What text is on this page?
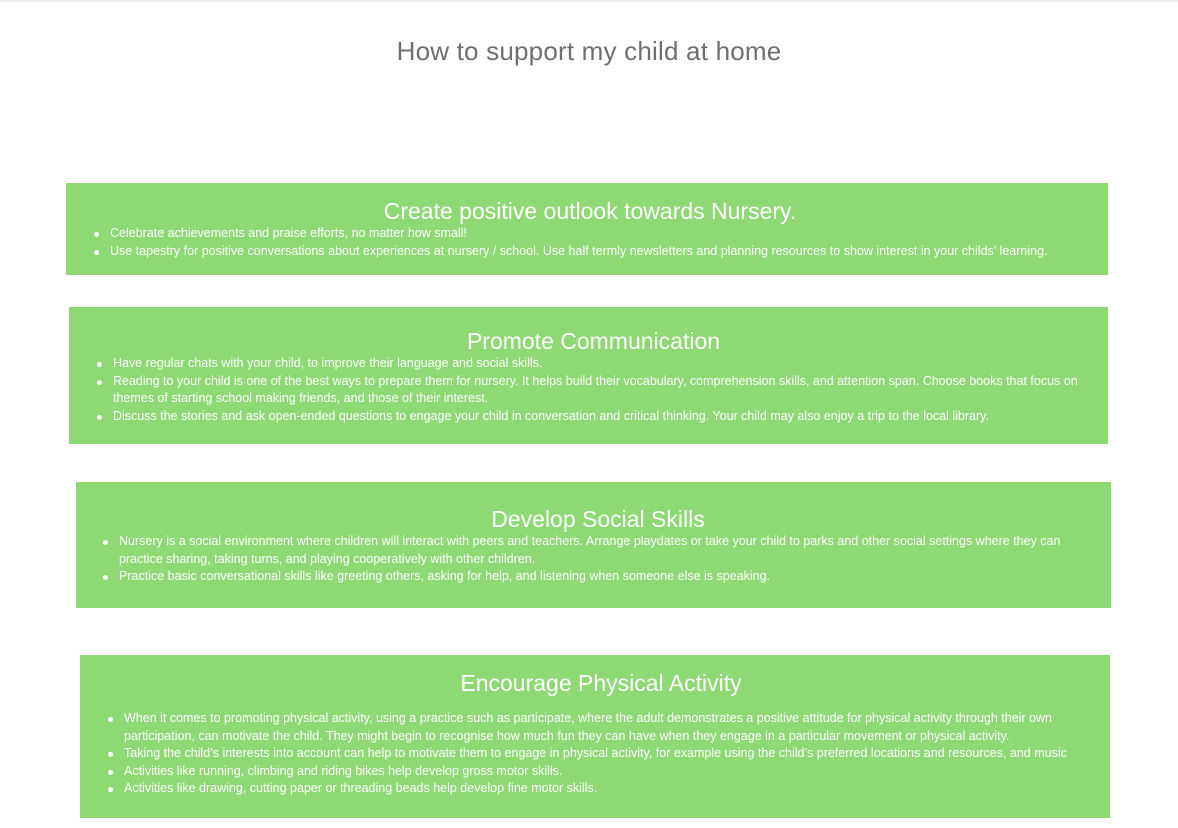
How to support my child at home
Create positive outlook towards Nursery.
Celebrate achievements and praise efforts, no matter how small!
Use tapestry for positive conversations about experiences at nursery / school. Use half termly newsletters and planning resources to show interest in your childs’ learning.
Promote Communication
Have regular chats with your child, to improve their language and social skills.
Reading to your child is one of the best ways to prepare them for nursery. It helps build their vocabulary, comprehension skills, and attention span. Choose books that focus on themes of starting school making friends, and those of their interest.
Discuss the stories and ask open-ended questions to engage your child in conversation and critical thinking. Your child may also enjoy a trip to the local library.
Develop Social Skills
Nursery is a social environment where children will interact with peers and teachers. Arrange playdates or take your child to parks and other social settings where they can practice sharing, taking turns, and playing cooperatively with other children.
Practice basic conversational skills like greeting others, asking for help, and listening when someone else is speaking.
Encourage Physical Activity
When it comes to promoting physical activity, using a practice such as participate, where the adult demonstrates a positive attitude for physical activity through their own participation, can motivate the child. They might begin to recognise how much fun they can have when they engage in a particular movement or physical activity.
Taking the child’s interests into account can help to motivate them to engage in physical activity, for example using the child’s preferred locations and resources, and music
Activities like running, climbing and riding bikes help develop gross motor skills.
Activities like drawing, cutting paper or threading beads help develop fine motor skills.
